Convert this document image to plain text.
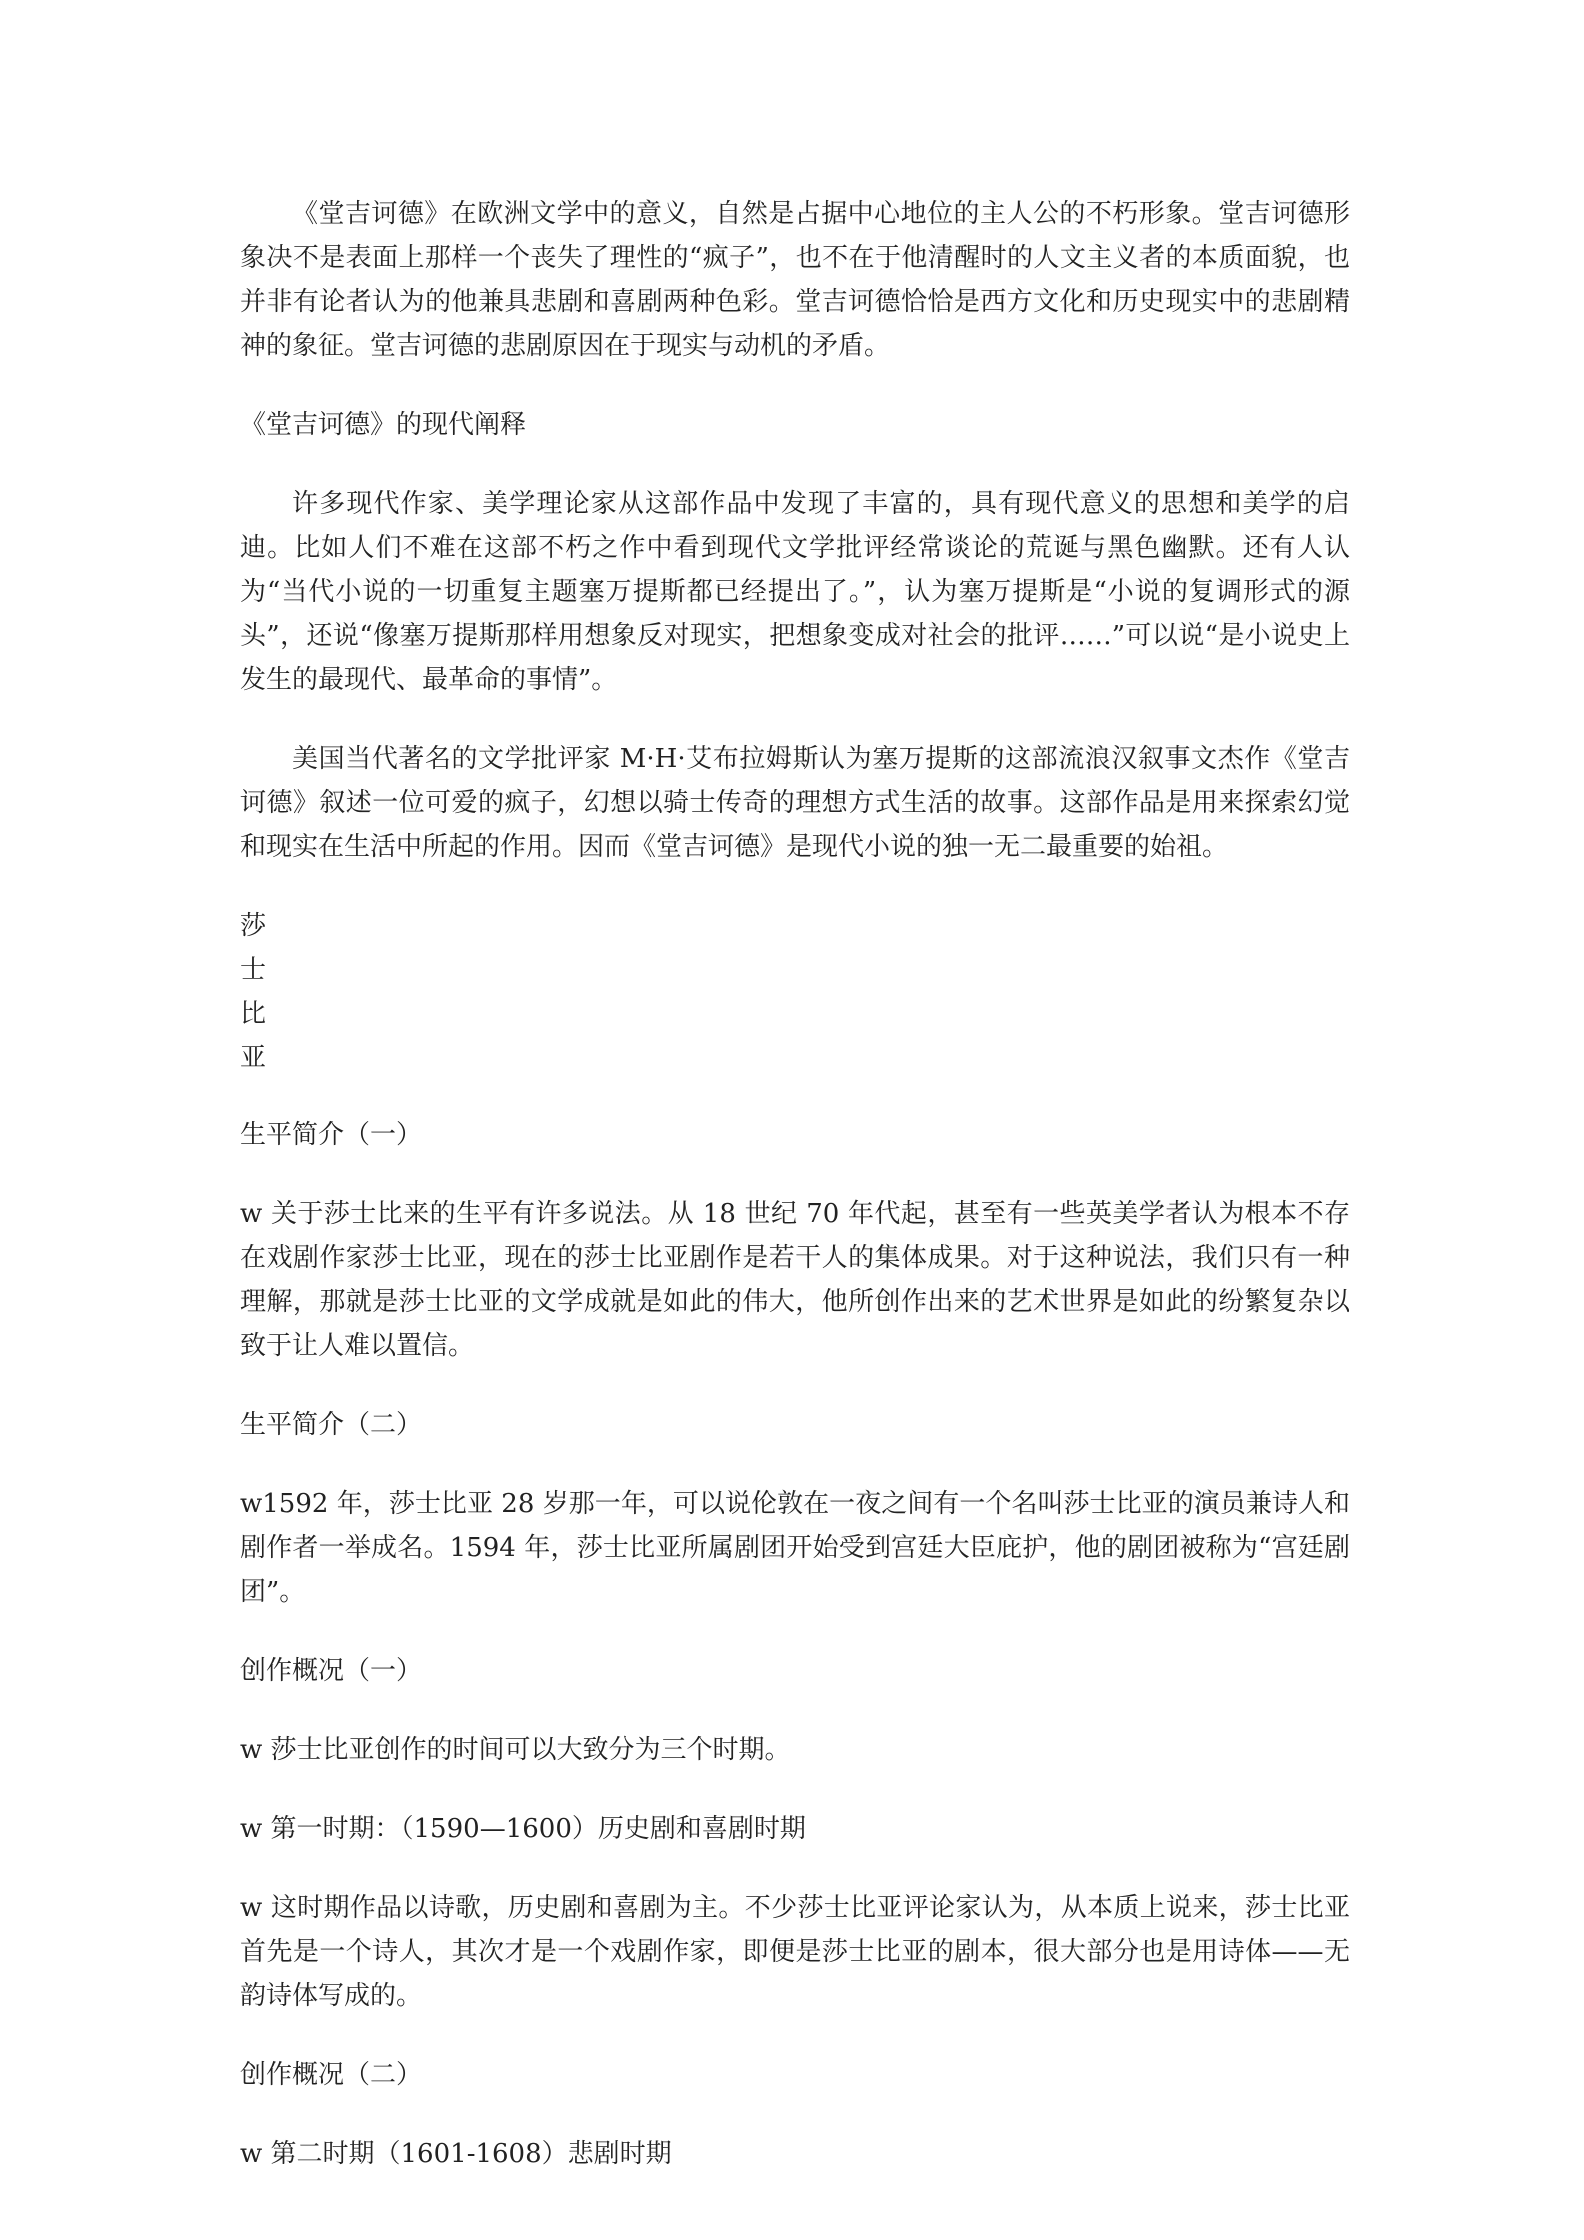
《堂吉诃德》在欧洲文学中的意义，自然是占据中心地位的主人公的不朽形象。堂吉诃德形象决不是表面上那样一个丧失了理性的“疯子”，也不在于他清醒时的人文主义者的本质面貌，也并非有论者认为的他兼具悲剧和喜剧两种色彩。堂吉诃德恰恰是西方文化和历史现实中的悲剧精神的象征。堂吉诃德的悲剧原因在于现实与动机的矛盾。

《堂吉诃德》的现代阐释

许多现代作家、美学理论家从这部作品中发现了丰富的，具有现代意义的思想和美学的启迪。比如人们不难在这部不朽之作中看到现代文学批评经常谈论的荒诞与黑色幽默。还有人认为“当代小说的一切重复主题塞万提斯都已经提出了。”，认为塞万提斯是“小说的复调形式的源头”，还说“像塞万提斯那样用想象反对现实，把想象变成对社会的批评……”可以说“是小说史上发生的最现代、最革命的事情”。

美国当代著名的文学批评家 M·H·艾布拉姆斯认为塞万提斯的这部流浪汉叙事文杰作《堂吉诃德》叙述一位可爱的疯子，幻想以骑士传奇的理想方式生活的故事。这部作品是用来探索幻觉和现实在生活中所起的作用。因而《堂吉诃德》是现代小说的独一无二最重要的始祖。

莎
士
比
亚

生平简介（一）

w 关于莎士比来的生平有许多说法。从 18 世纪 70 年代起，甚至有一些英美学者认为根本不存在戏剧作家莎士比亚，现在的莎士比亚剧作是若干人的集体成果。对于这种说法，我们只有一种理解，那就是莎士比亚的文学成就是如此的伟大，他所创作出来的艺术世界是如此的纷繁复杂以致于让人难以置信。

生平简介（二）

w1592 年，莎士比亚 28 岁那一年，可以说伦敦在一夜之间有一个名叫莎士比亚的演员兼诗人和剧作者一举成名。1594 年，莎士比亚所属剧团开始受到宫廷大臣庇护，他的剧团被称为“宫廷剧团”。

创作概况（一）

w 莎士比亚创作的时间可以大致分为三个时期。

w 第一时期：（1590—1600）历史剧和喜剧时期

w 这时期作品以诗歌，历史剧和喜剧为主。不少莎士比亚评论家认为，从本质上说来，莎士比亚首先是一个诗人，其次才是一个戏剧作家，即便是莎士比亚的剧本，很大部分也是用诗体——无韵诗体写成的。

创作概况（二）

w 第二时期（1601-1608）悲剧时期
